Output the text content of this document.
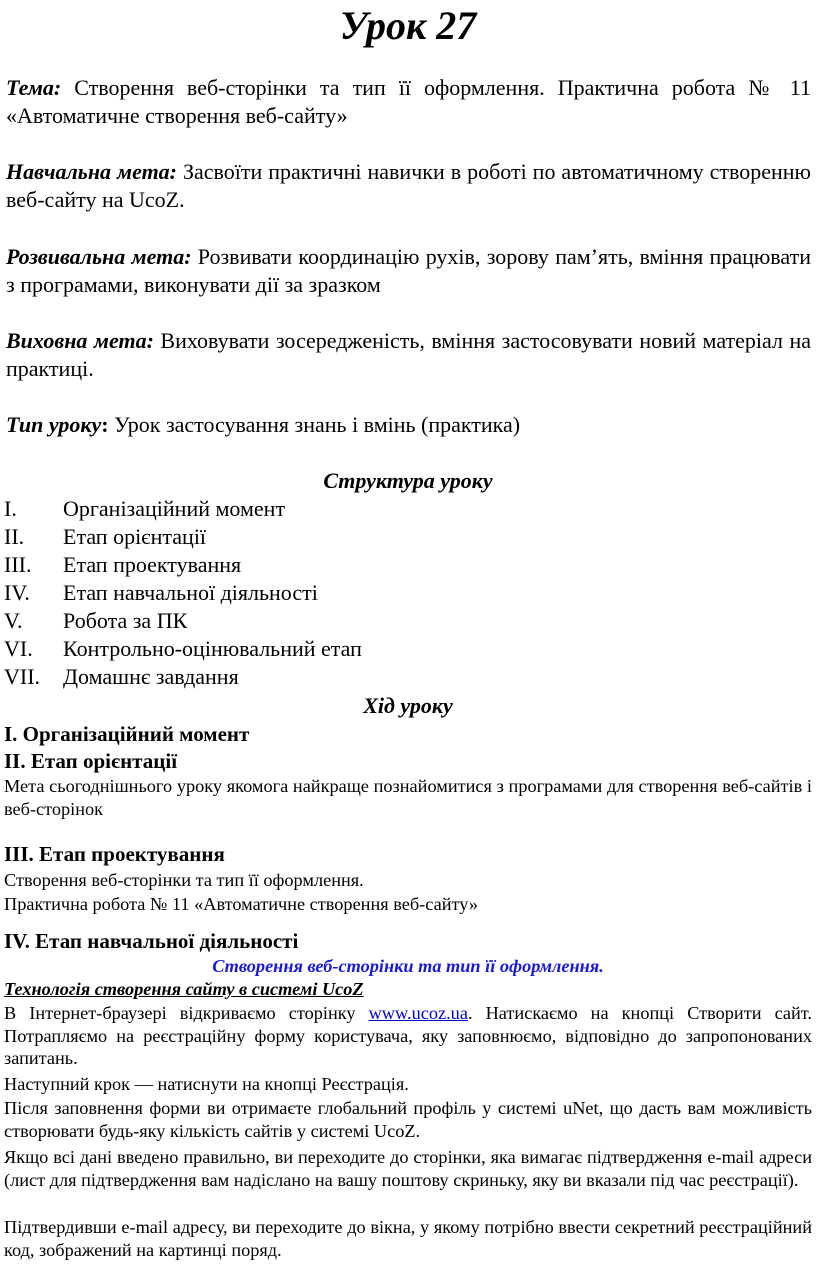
Урок 27
Тема: Створення веб-сторінки та тип її оформлення. Практична робота № 11 «Автоматичне створення веб-сайту»
Навчальна мета: Засвоїти практичні навички в роботі по автоматичному створенню веб-сайту на UcoZ.
Розвивальна мета: Розвивати координацію рухів, зорову пам’ять, вміння працювати з програмами, виконувати дії за зразком
Виховна мета: Виховувати зосередженість, вміння застосовувати новий матеріал на практиці.
Тип уроку: Урок застосування знань і вмінь (практика)
Структура уроку
I. Організаційний момент
II. Етап орієнтації
III. Етап проектування
IV. Етап навчальної діяльності
V. Робота за ПК
VI. Контрольно-оцінювальний етап
VII. Домашнє завдання
Хід уроку
I. Організаційний момент
II. Етап орієнтації
Мета сьогоднішнього уроку якомога найкраще познайомитися з програмами для створення веб-сайтів і веб-сторінок
III. Етап проектування
Створення веб-сторінки та тип її оформлення.
Практична робота № 11 «Автоматичне створення веб-сайту»
IV. Етап навчальної діяльності
Створення веб-сторінки та тип її оформлення.
Технологія створення сайту в системі UcoZ
В Інтернет-браузері відкриваємо сторінку www.ucoz.ua. Натискаємо на кнопці Створити сайт. Потрапляємо на реєстраційну форму користувача, яку заповнюємо, відповідно до запропонованих запитань.
Наступний крок — натиснути на кнопці Реєстрація.
Після заповнення форми ви отримаєте глобальний профіль у системі uNet, що дасть вам можливість створювати будь-яку кількість сайтів у системі UcoZ.
Якщо всі дані введено правильно, ви переходите до сторінки, яка вимагає підтвердження e-mail адреси (лист для підтвердження вам надіслано на вашу поштову скриньку, яку ви вказали під час реєстрації).
Підтвердивши e-mail адресу, ви переходите до вікна, у якому потрібно ввести секретний реєстраційний код, зображений на картинці поряд.
